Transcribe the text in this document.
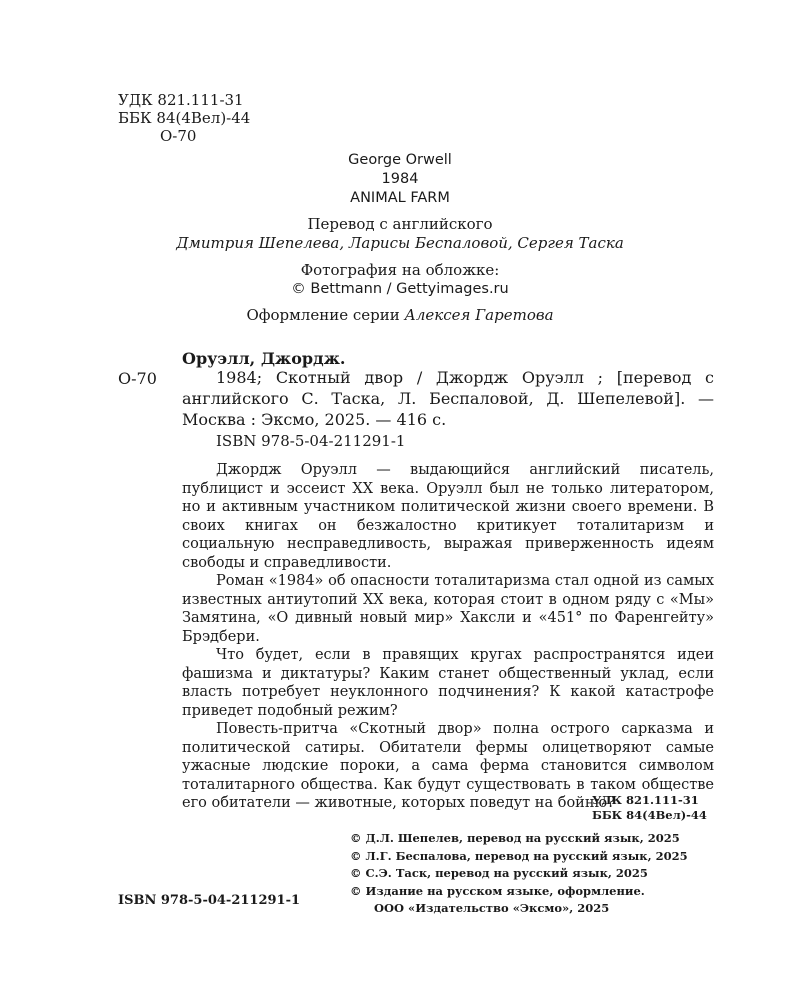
УДК 821.111-31
ББК 84(4Вел)-44
О-70
George Orwell
1984
ANIMAL FARM
Перевод с английского
Дмитрия Шепелева, Ларисы Беспаловой, Сергея Таска
Фотография на обложке:
© Bettmann / Gettyimages.ru
Оформление серии Алексея Гаретова
Оруэлл, Джордж.
О-70	1984; Скотный двор / Джордж Оруэлл ; [перевод с английского С. Таска, Л. Беспаловой, Д. Шепелевой]. — Москва : Эксмо, 2025. — 416 с.
ISBN 978-5-04-211291-1

Джордж Оруэлл — выдающийся английский писатель, публицист и эссеист XX века. Оруэлл был не только литератором, но и активным участником политической жизни своего времени. В своих книгах он безжалостно критикует тоталитаризм и социальную несправедливость, выражая приверженность идеям свободы и справедливости.

Роман «1984» об опасности тоталитаризма стал одной из самых известных антиутопий XX века, которая стоит в одном ряду с «Мы» Замятина, «О дивный новый мир» Хаксли и «451° по Фаренгейту» Брэдбери.

Что будет, если в правящих кругах распространятся идеи фашизма и диктатуры? Каким станет общественный уклад, если власть потребует неуклонного подчинения? К какой катастрофе приведет подобный режим?

Повесть-притча «Скотный двор» полна острого сарказма и политической сатиры. Обитатели фермы олицетворяют самые ужасные людские пороки, а сама ферма становится символом тоталитарного общества. Как будут существовать в таком обществе его обитатели — животные, которых поведут на бойню?

УДК 821.111-31
ББК 84(4Вел)-44
© Д.Л. Шепелев, перевод на русский язык, 2025
© Л.Г. Беспалова, перевод на русский язык, 2025
© С.Э. Таск, перевод на русский язык, 2025
© Издание на русском языке, оформление.
ООО «Издательство «Эксмо», 2025
ISBN 978-5-04-211291-1
